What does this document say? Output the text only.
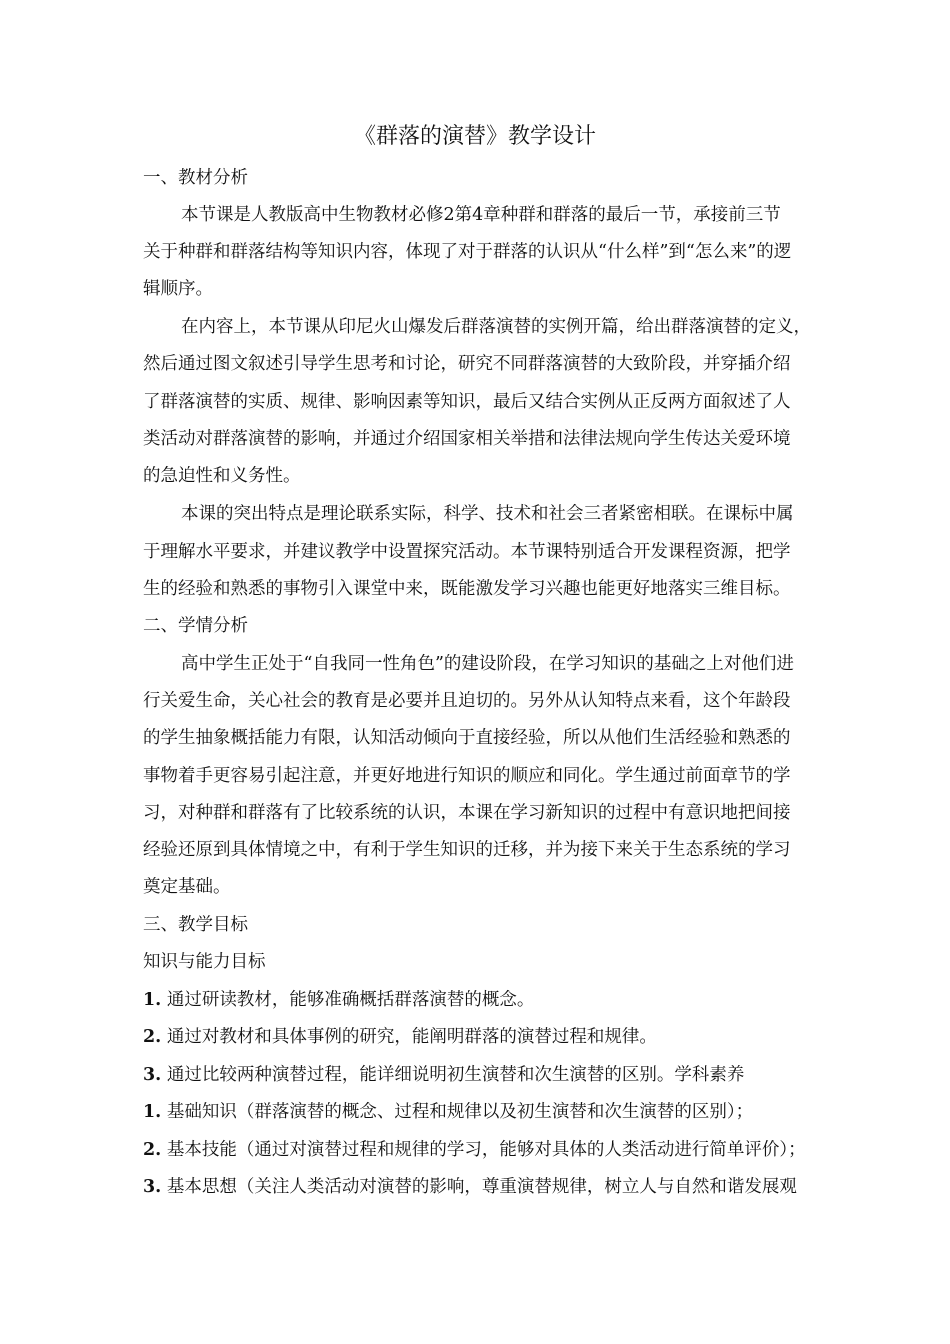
《群落的演替》教学设计
一、教材分析
本节课是人教版高中生物教材必修2第4章种群和群落的最后一节，承接前三节
关于种群和群落结构等知识内容，体现了对于群落的认识从“什么样”到“怎么来”的逻
辑顺序。
在内容上，本节课从印尼火山爆发后群落演替的实例开篇，给出群落演替的定义，
然后通过图文叙述引导学生思考和讨论，研究不同群落演替的大致阶段，并穿插介绍
了群落演替的实质、规律、影响因素等知识，最后又结合实例从正反两方面叙述了人
类活动对群落演替的影响，并通过介绍国家相关举措和法律法规向学生传达关爱环境
的急迫性和义务性。
本课的突出特点是理论联系实际，科学、技术和社会三者紧密相联。在课标中属
于理解水平要求，并建议教学中设置探究活动。本节课特别适合开发课程资源，把学
生的经验和熟悉的事物引入课堂中来，既能激发学习兴趣也能更好地落实三维目标。
二、学情分析
高中学生正处于“自我同一性角色”的建设阶段，在学习知识的基础之上对他们进
行关爱生命，关心社会的教育是必要并且迫切的。另外从认知特点来看，这个年龄段
的学生抽象概括能力有限，认知活动倾向于直接经验，所以从他们生活经验和熟悉的
事物着手更容易引起注意，并更好地进行知识的顺应和同化。学生通过前面章节的学
习，对种群和群落有了比较系统的认识，本课在学习新知识的过程中有意识地把间接
经验还原到具体情境之中，有利于学生知识的迁移，并为接下来关于生态系统的学习
奠定基础。
三、教学目标
知识与能力目标
1. 通过研读教材，能够准确概括群落演替的概念。
2. 通过对教材和具体事例的研究，能阐明群落的演替过程和规律。
3. 通过比较两种演替过程，能详细说明初生演替和次生演替的区别。学科素养
1. 基础知识（群落演替的概念、过程和规律以及初生演替和次生演替的区别）；
2. 基本技能（通过对演替过程和规律的学习，能够对具体的人类活动进行简单评价）；
3. 基本思想（关注人类活动对演替的影响，尊重演替规律，树立人与自然和谐发展观
